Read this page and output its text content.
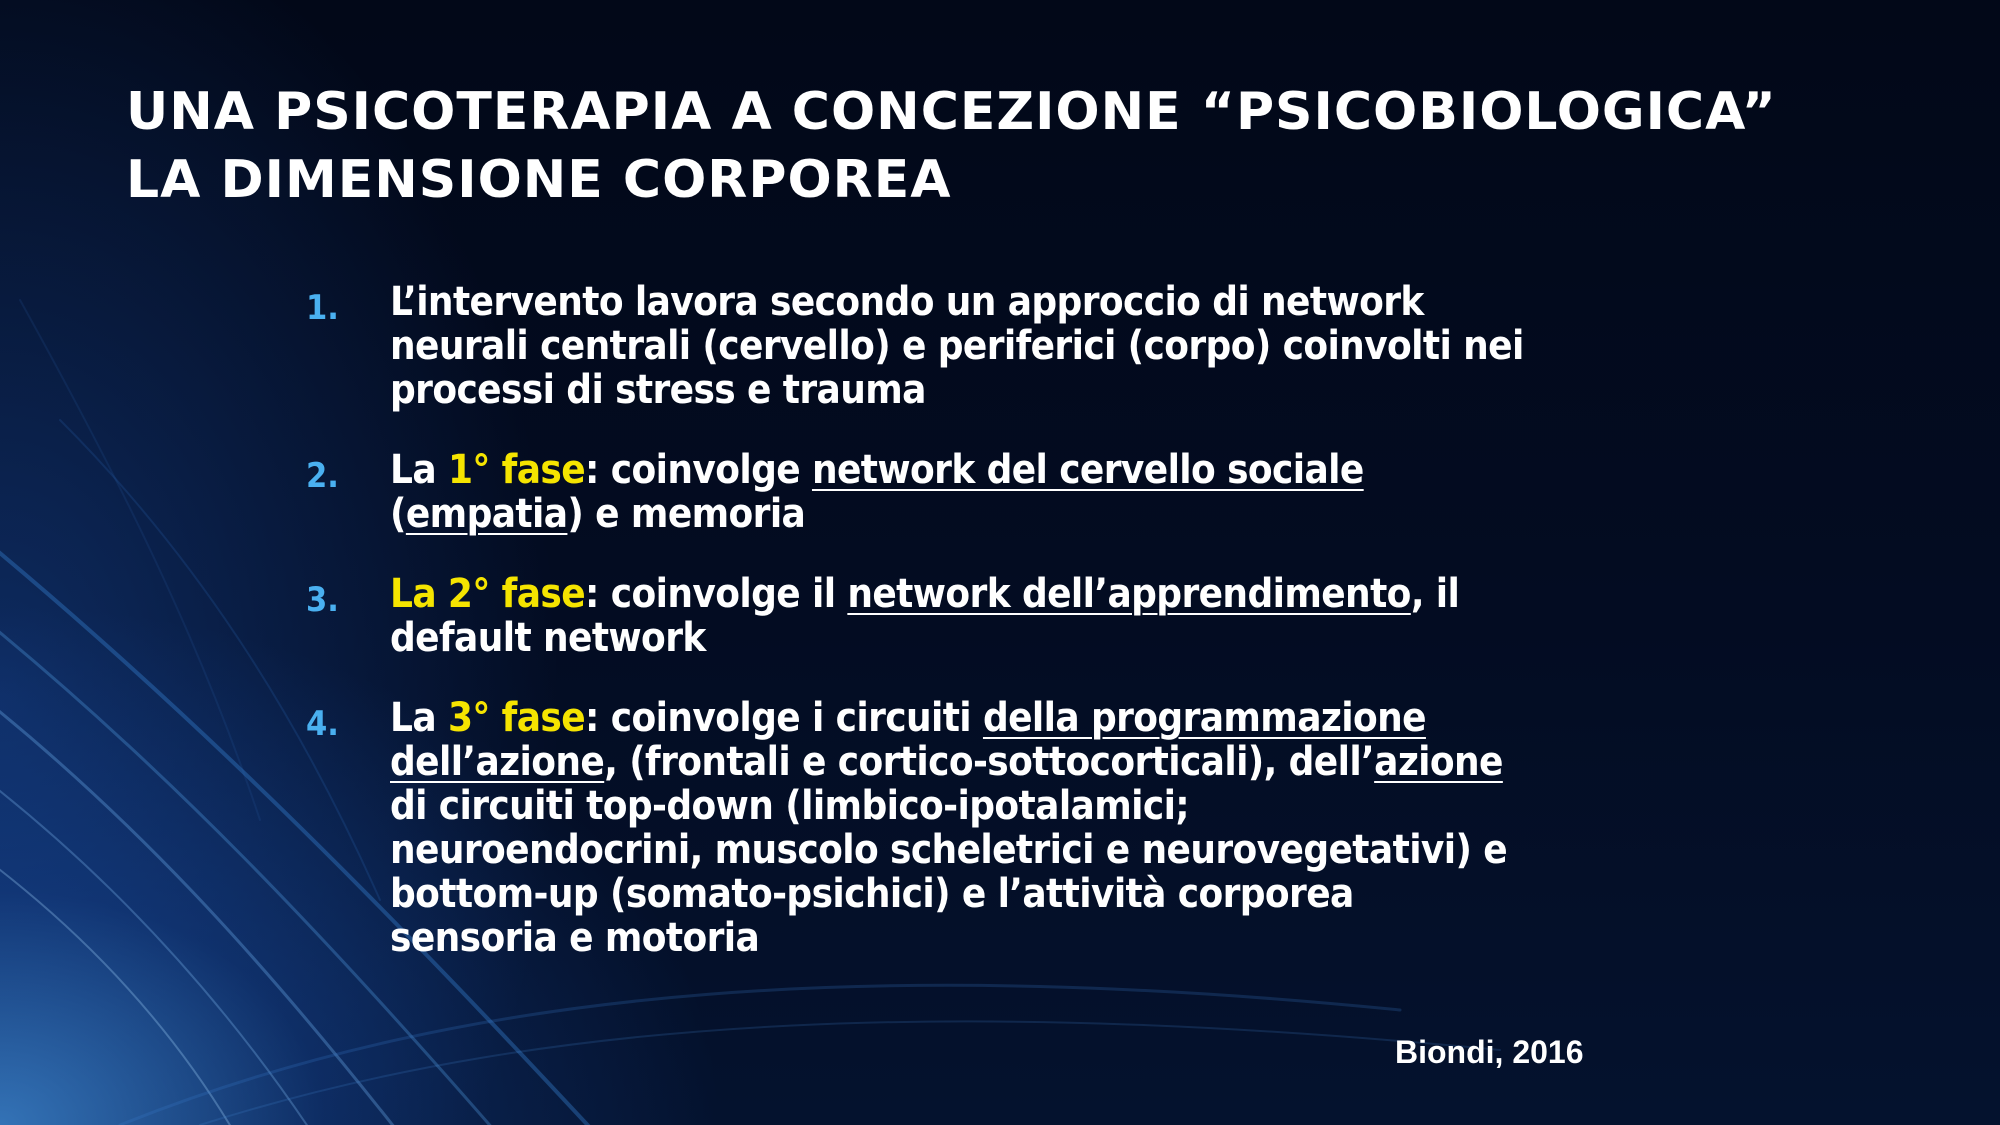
UNA PSICOTERAPIA A CONCEZIONE “PSICOBIOLOGICA”
LA DIMENSIONE CORPOREA
1. L’intervento lavora secondo un approccio di network
neurali centrali (cervello) e periferici (corpo) coinvolti nei
processi di stress e trauma
2. La 1° fase: coinvolge network del cervello sociale
(empatia) e memoria
3. La 2° fase: coinvolge il network dell’apprendimento, il
default network
4. La 3° fase: coinvolge i circuiti della programmazione
dell’azione, (frontali e cortico-sottocorticali), dell’azione
di circuiti top-down (limbico-ipotalamici;
neuroendocrini, muscolo scheletrici e neurovegetativi) e
bottom-up (somato-psichici) e l’attività corporea
sensoria e motoria
Biondi, 2016
